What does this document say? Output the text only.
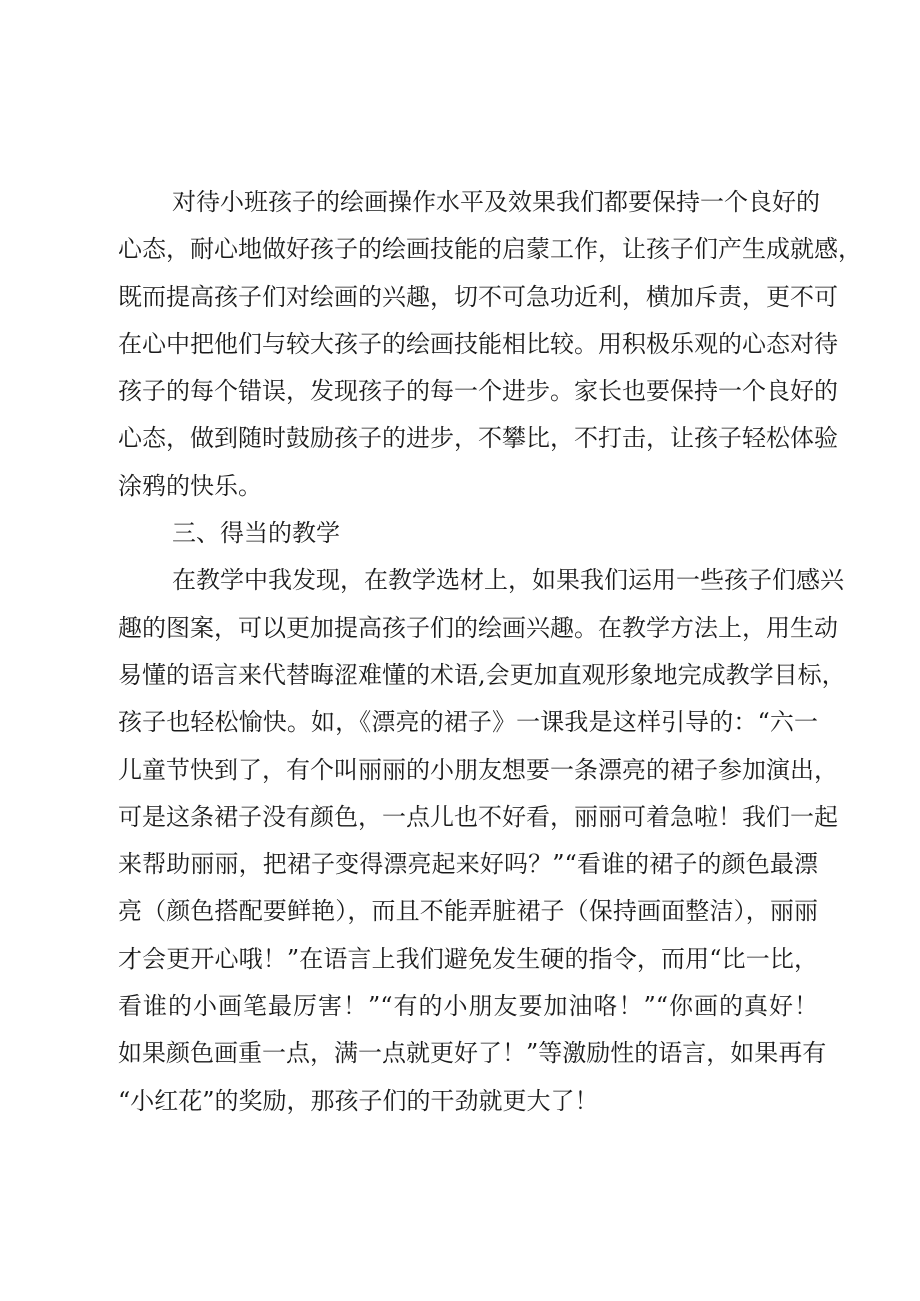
对待小班孩子的绘画操作水平及效果我们都要保持一个良好的
心态，耐心地做好孩子的绘画技能的启蒙工作，让孩子们产生成就感，
既而提高孩子们对绘画的兴趣，切不可急功近利，横加斥责，更不可
在心中把他们与较大孩子的绘画技能相比较。用积极乐观的心态对待
孩子的每个错误，发现孩子的每一个进步。家长也要保持一个良好的
心态，做到随时鼓励孩子的进步，不攀比，不打击，让孩子轻松体验
涂鸦的快乐。
三、得当的教学
在教学中我发现，在教学选材上，如果我们运用一些孩子们感兴
趣的图案，可以更加提高孩子们的绘画兴趣。在教学方法上，用生动
易懂的语言来代替晦涩难懂的术语,会更加直观形象地完成教学目标，
孩子也轻松愉快。如，《漂亮的裙子》一课我是这样引导的：“六一
儿童节快到了，有个叫丽丽的小朋友想要一条漂亮的裙子参加演出，
可是这条裙子没有颜色，一点儿也不好看，丽丽可着急啦！我们一起
来帮助丽丽，把裙子变得漂亮起来好吗？”“看谁的裙子的颜色最漂
亮（颜色搭配要鲜艳），而且不能弄脏裙子（保持画面整洁），丽丽
才会更开心哦！”在语言上我们避免发生硬的指令，而用“比一比，
看谁的小画笔最厉害！”“有的小朋友要加油咯！”“你画的真好！
如果颜色画重一点，满一点就更好了！”等激励性的语言，如果再有
“小红花”的奖励，那孩子们的干劲就更大了！
